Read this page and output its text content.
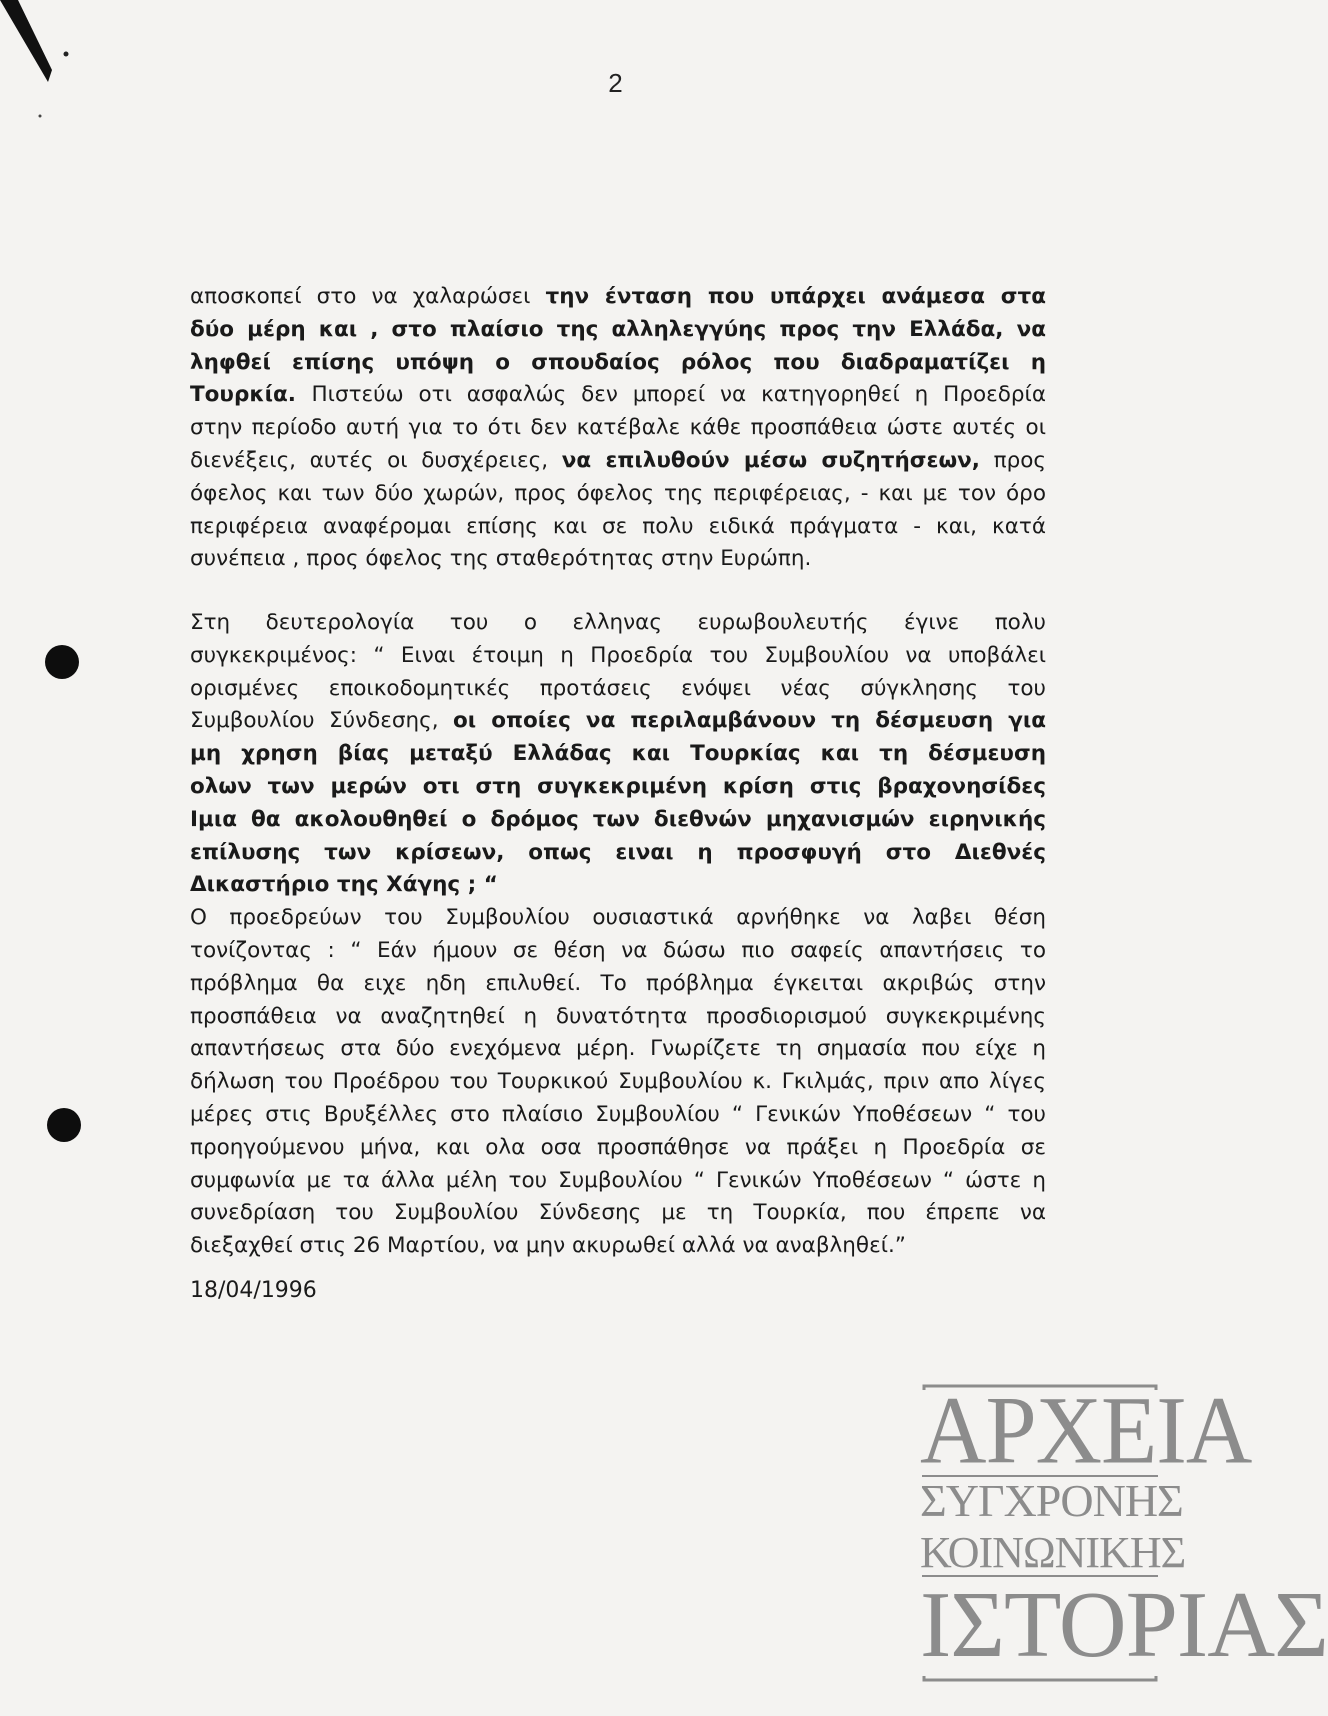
2
αποσκοπεί στο να χαλαρώσει την ένταση που υπάρχει ανάμεσα στα
δύο μέρη και , στο πλαίσιο της αλληλεγγύης προς την Ελλάδα, να
ληφθεί επίσης υπόψη ο σπουδαίος ρόλος που διαδραματίζει η
Τουρκία. Πιστεύω οτι ασφαλώς δεν μπορεί να κατηγορηθεί η Προεδρία
στην περίοδο αυτή για το ότι δεν κατέβαλε κάθε προσπάθεια ώστε αυτές οι
διενέξεις, αυτές οι δυσχέρειες, να επιλυθούν μέσω συζητήσεων, προς
όφελος και των δύο χωρών, προς όφελος της περιφέρειας, - και με τον όρο
περιφέρεια αναφέρομαι επίσης και σε πολυ ειδικά πράγματα - και, κατά
συνέπεια , προς όφελος της σταθερότητας στην Ευρώπη.
Στη δευτερολογία του ο ελληνας ευρωβουλευτής έγινε πολυ
συγκεκριμένος: “ Ειναι έτοιμη η Προεδρία του Συμβουλίου να υποβάλει
ορισμένες εποικοδομητικές προτάσεις ενόψει νέας σύγκλησης του
Συμβουλίου Σύνδεσης, οι οποίες να περιλαμβάνουν τη δέσμευση για
μη χρηση βίας μεταξύ Ελλάδας και Τουρκίας και τη δέσμευση
ολων των μερών οτι στη συγκεκριμένη κρίση στις βραχονησίδες
Ιμια θα ακολουθηθεί ο δρόμος των διεθνών μηχανισμών ειρηνικής
επίλυσης των κρίσεων, οπως ειναι η προσφυγή στο Διεθνές
Δικαστήριο της Χάγης ; “
Ο προεδρεύων του Συμβουλίου ουσιαστικά αρνήθηκε να λαβει θέση
τονίζοντας : “ Εάν ήμουν σε θέση να δώσω πιο σαφείς απαντήσεις το
πρόβλημα θα ειχε ηδη επιλυθεί. Το πρόβλημα έγκειται ακριβώς στην
προσπάθεια να αναζητηθεί η δυνατότητα προσδιορισμού συγκεκριμένης
απαντήσεως στα δύο ενεχόμενα μέρη. Γνωρίζετε τη σημασία που είχε η
δήλωση του Προέδρου του Τουρκικού Συμβουλίου κ. Γκιλμάς, πριν απο λίγες
μέρες στις Βρυξέλλες στο πλαίσιο Συμβουλίου “ Γενικών Υποθέσεων “ του
προηγούμενου μήνα, και ολα οσα προσπάθησε να πράξει η Προεδρία σε
συμφωνία με τα άλλα μέλη του Συμβουλίου “ Γενικών Υποθέσεων “ ώστε η
συνεδρίαση του Συμβουλίου Σύνδεσης με τη Τουρκία, που έπρεπε να
διεξαχθεί στις 26 Μαρτίου, να μην ακυρωθεί αλλά να αναβληθεί.”
18/04/1996
ΑΡΧΕΙΑ
ΣΥΓΧΡΟΝΗΣ
ΚΟΙΝΩΝΙΚΗΣ
ΙΣΤΟΡΙΑΣ
